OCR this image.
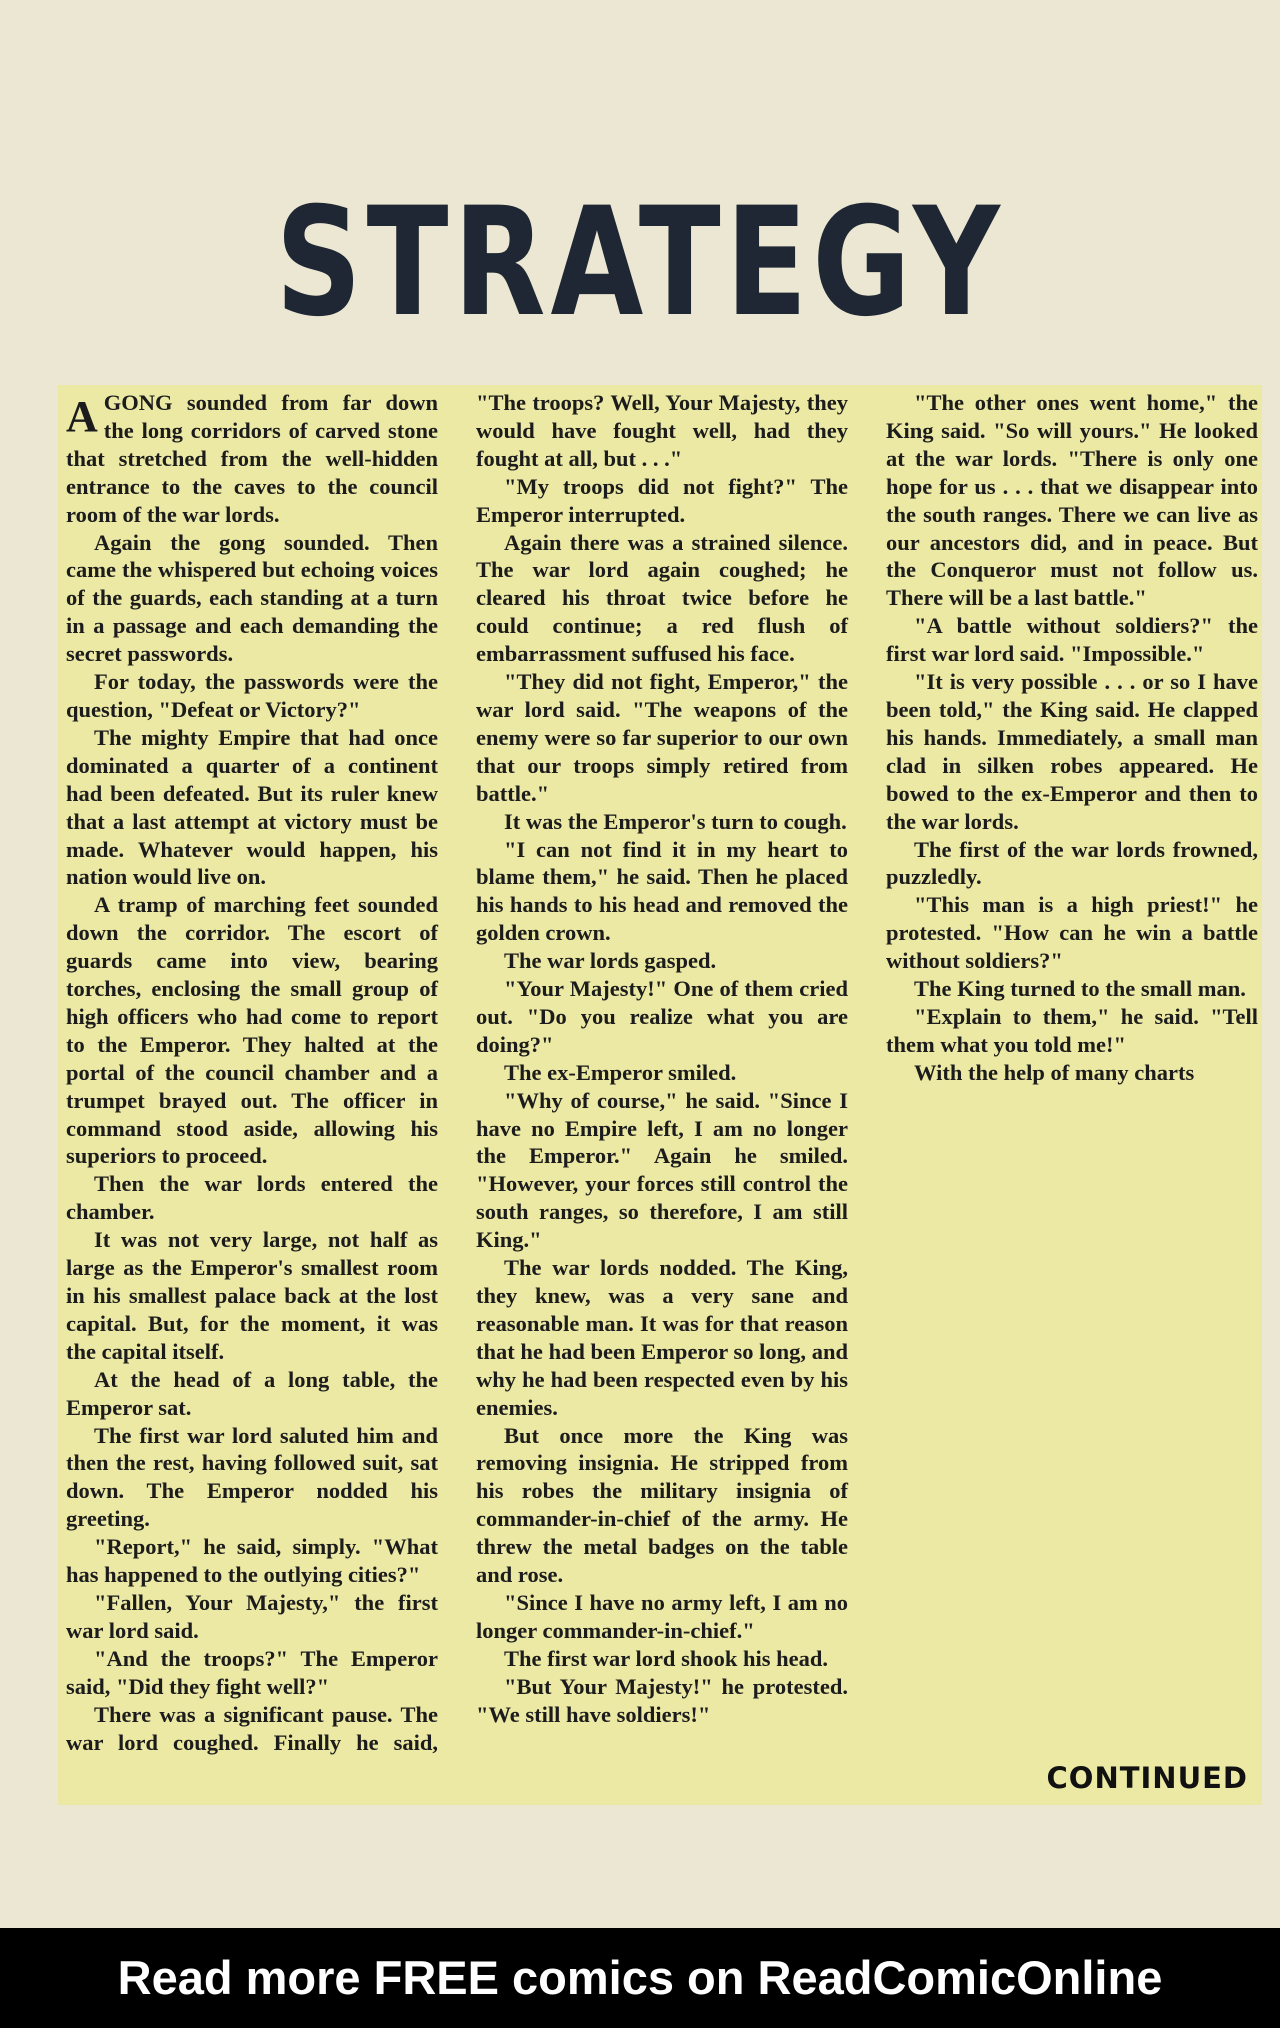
STRATEGY

AGONG sounded from far down the long corridors of carved stone that stretched from the well-hidden entrance to the caves to the council room of the war lords.

Again the gong sounded. Then came the whispered but echoing voices of the guards, each standing at a turn in a passage and each demanding the secret passwords.

For today, the passwords were the question, "Defeat or Victory?"

The mighty Empire that had once dominated a quarter of a continent had been defeated. But its ruler knew that a last attempt at victory must be made. Whatever would happen, his nation would live on.

A tramp of marching feet sounded down the corridor. The escort of guards came into view, bearing torches, enclosing the small group of high officers who had come to report to the Emperor. They halted at the portal of the council chamber and a trumpet brayed out. The officer in command stood aside, allowing his superiors to proceed.

Then the war lords entered the chamber.

It was not very large, not half as large as the Emperor's smallest room in his smallest palace back at the lost capital. But, for the moment, it was the capital itself.

At the head of a long table, the Emperor sat.

The first war lord saluted him and then the rest, having followed suit, sat down. The Emperor nodded his greeting.

"Report," he said, simply. "What has happened to the outlying cities?"

"Fallen, Your Majesty," the first war lord said.

"And the troops?" The Emperor said, "Did they fight well?"

There was a significant pause. The war lord coughed. Finally he said, "The troops? Well, Your Majesty, they would have fought well, had they fought at all, but . . ."

"My troops did not fight?" The Emperor interrupted.

Again there was a strained silence. The war lord again coughed; he cleared his throat twice before he could continue; a red flush of embarrassment suffused his face.

"They did not fight, Emperor," the war lord said. "The weapons of the enemy were so far superior to our own that our troops simply retired from battle."

It was the Emperor's turn to cough.

"I can not find it in my heart to blame them," he said. Then he placed his hands to his head and removed the golden crown.

The war lords gasped.

"Your Majesty!" One of them cried out. "Do you realize what you are doing?"

The ex-Emperor smiled.

"Why of course," he said. "Since I have no Empire left, I am no longer the Emperor." Again he smiled. "However, your forces still control the south ranges, so therefore, I am still King."

The war lords nodded. The King, they knew, was a very sane and reasonable man. It was for that reason that he had been Emperor so long, and why he had been respected even by his enemies.

But once more the King was removing insignia. He stripped from his robes the military insignia of commander-in-chief of the army. He threw the metal badges on the table and rose.

"Since I have no army left, I am no longer commander-in-chief."

The first war lord shook his head.

"But Your Majesty!" he protested. "We still have soldiers!"

"The other ones went home," the King said. "So will yours." He looked at the war lords. "There is only one hope for us . . . that we disappear into the south ranges. There we can live as our ancestors did, and in peace. But the Conqueror must not follow us. There will be a last battle."

"A battle without soldiers?" the first war lord said. "Impossible."

"It is very possible . . . or so I have been told," the King said. He clapped his hands. Immediately, a small man clad in silken robes appeared. He bowed to the ex-Emperor and then to the war lords.

The first of the war lords frowned, puzzledly.

"This man is a high priest!" he protested. "How can he win a battle without soldiers?"

The King turned to the small man.

"Explain to them," he said. "Tell them what you told me!"

With the help of many charts

CONTINUED

Read more FREE comics on ReadComicOnline
